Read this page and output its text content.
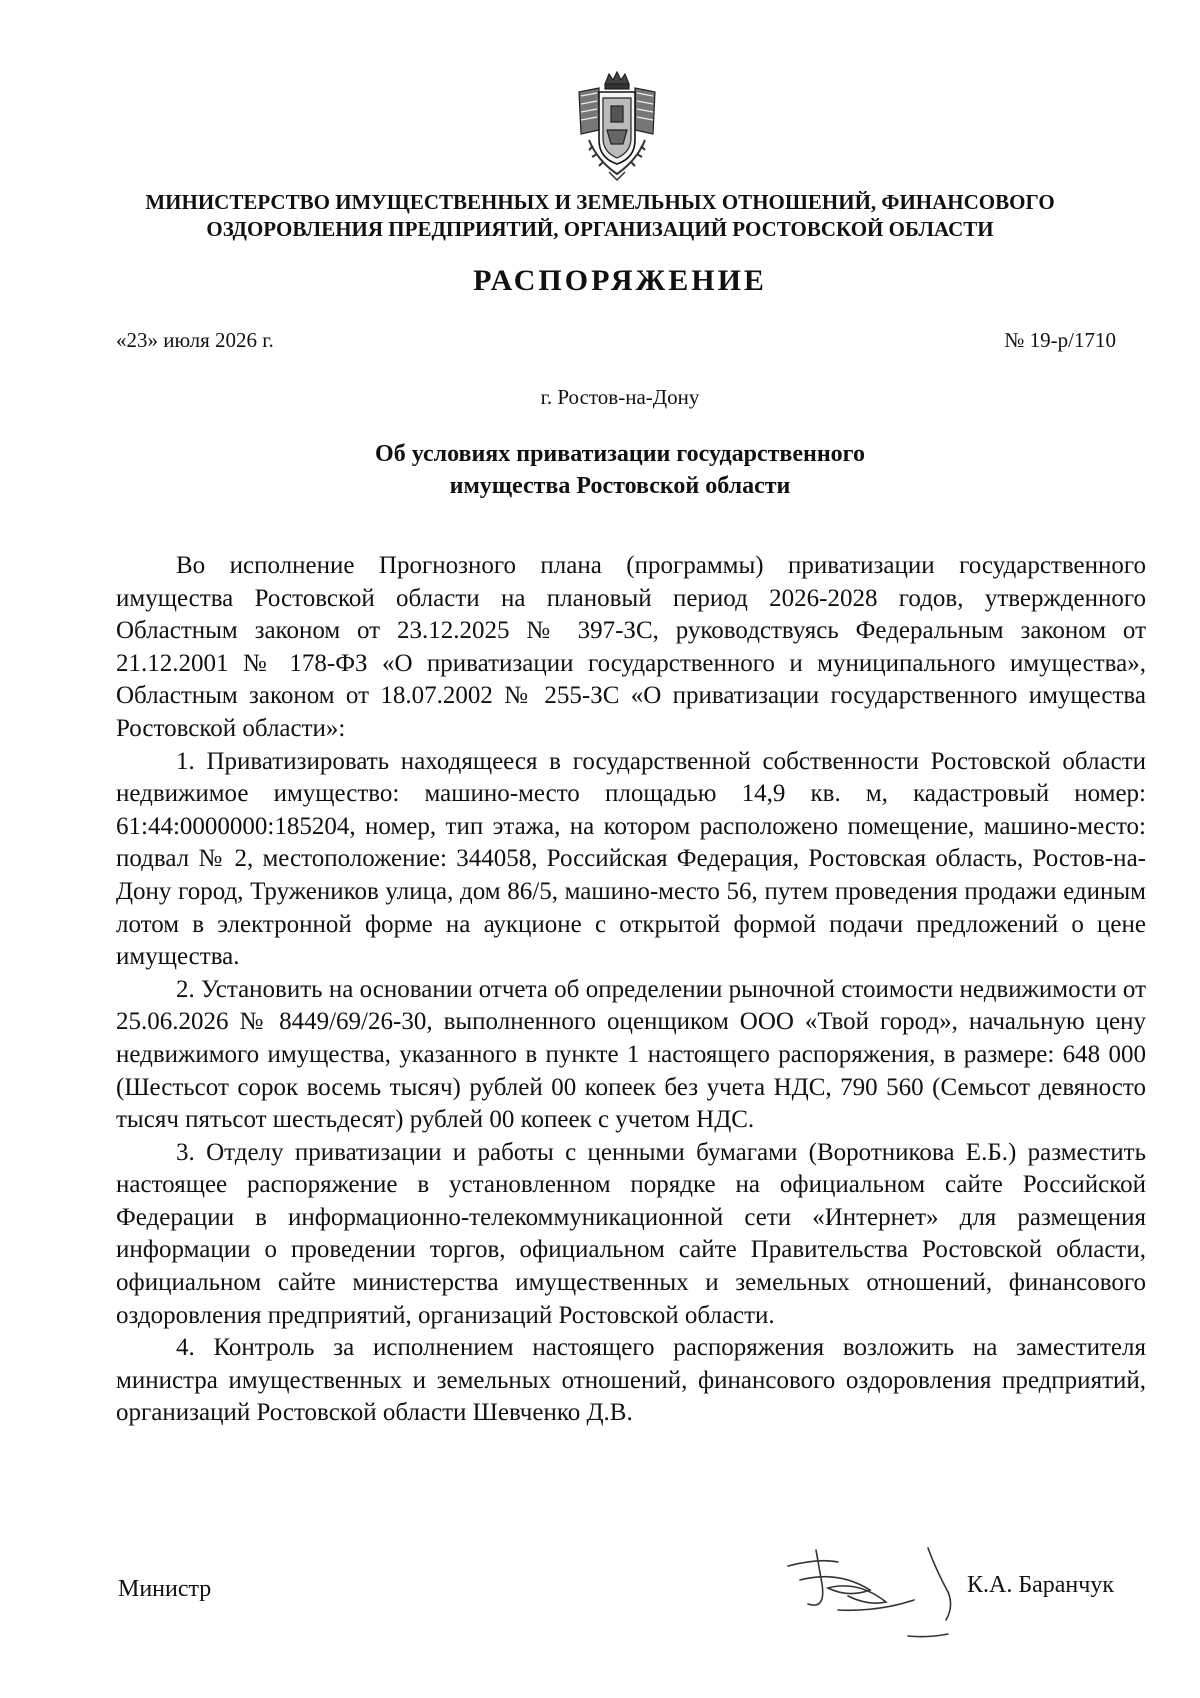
МИНИСТЕРСТВО ИМУЩЕСТВЕННЫХ И ЗЕМЕЛЬНЫХ ОТНОШЕНИЙ, ФИНАНСОВОГО
ОЗДОРОВЛЕНИЯ ПРЕДПРИЯТИЙ, ОРГАНИЗАЦИЙ РОСТОВСКОЙ ОБЛАСТИ
РАСПОРЯЖЕНИЕ
«23» июля 2026 г.	№ 19-р/1710
г. Ростов-на-Дону
Об условиях приватизации государственного
имущества Ростовской области

Во исполнение Прогнозного плана (программы) приватизации государственного имущества Ростовской области на плановый период 2026-2028 годов, утвержденного Областным законом от 23.12.2025 № 397-ЗС, руководствуясь Федеральным законом от 21.12.2001 № 178-ФЗ «О приватизации государственного и муниципального имущества», Областным законом от 18.07.2002 № 255-ЗС «О приватизации государственного имущества Ростовской области»:

1. Приватизировать находящееся в государственной собственности Ростовской области недвижимое имущество: машино-место площадью 14,9 кв. м, кадастровый номер: 61:44:0000000:185204, номер, тип этажа, на котором расположено помещение, машино-место: подвал № 2, местоположение: 344058, Российская Федерация, Ростовская область, Ростов-на-Дону город, Тружеников улица, дом 86/5, машино-место 56, путем проведения продажи единым лотом в электронной форме на аукционе с открытой формой подачи предложений о цене имущества.

2. Установить на основании отчета об определении рыночной стоимости недвижимости от 25.06.2026 № 8449/69/26-30, выполненного оценщиком ООО «Твой город», начальную цену недвижимого имущества, указанного в пункте 1 настоящего распоряжения, в размере: 648 000 (Шестьсот сорок восемь тысяч) рублей 00 копеек без учета НДС, 790 560 (Семьсот девяносто тысяч пятьсот шестьдесят) рублей 00 копеек с учетом НДС.

3. Отделу приватизации и работы с ценными бумагами (Воротникова Е.Б.) разместить настоящее распоряжение в установленном порядке на официальном сайте Российской Федерации в информационно-телекоммуникационной сети «Интернет» для размещения информации о проведении торгов, официальном сайте Правительства Ростовской области, официальном сайте министерства имущественных и земельных отношений, финансового оздоровления предприятий, организаций Ростовской области.

4. Контроль за исполнением настоящего распоряжения возложить на заместителя министра имущественных и земельных отношений, финансового оздоровления предприятий, организаций Ростовской области Шевченко Д.В.

Министр	К.А. Баранчук
